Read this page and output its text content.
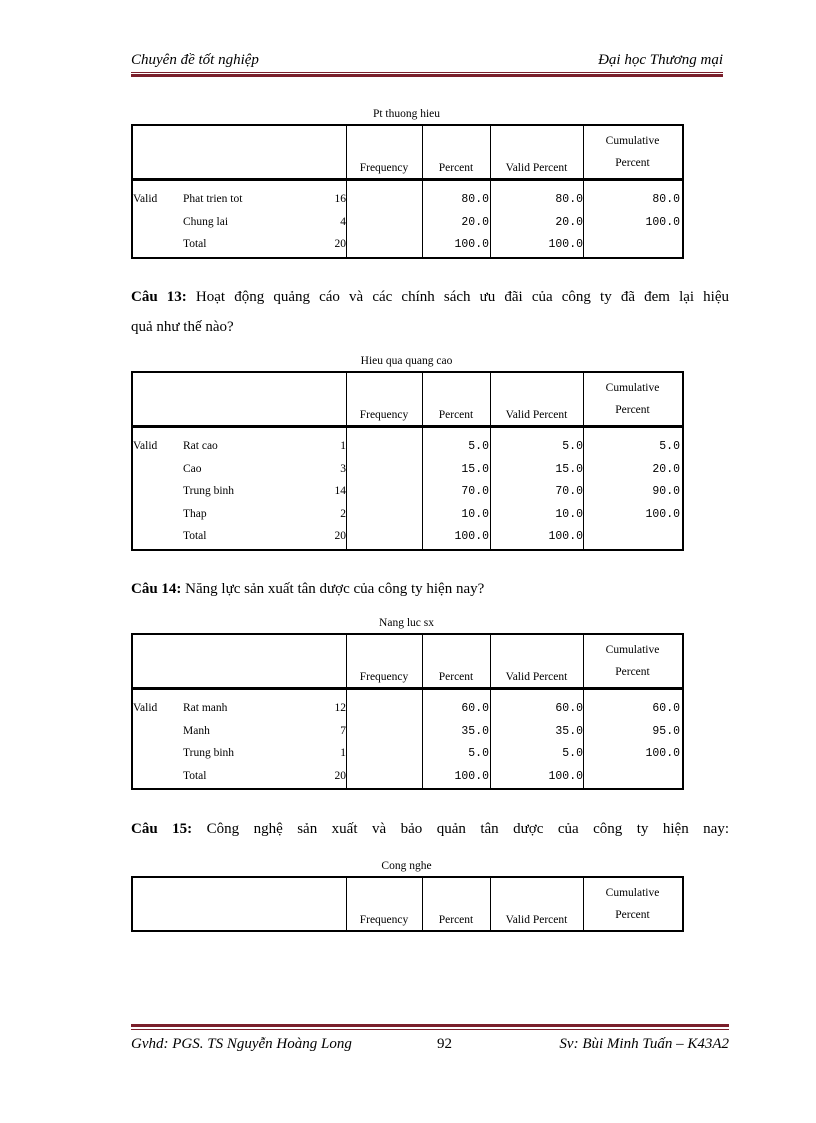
Chuyên đề tốt nghiệp	Đại học Thương mại
Pt thuong hieu
Frequency	Percent	Valid Percent
Cumulative
Percent
Valid Phat trien tot	16	80.0	80.0	80.0
Chung lai	4	20.0	20.0	100.0
Total	20	100.0	100.0
Câu 13: Hoạt động quảng cáo và các chính sách ưu đãi của công ty đã đem lại hiệu
quả như thế nào?
Hieu qua quang cao
Frequency	Percent	Valid Percent
Cumulative
Percent
Valid Rat cao	1	5.0	5.0	5.0
Cao	3	15.0	15.0	20.0
Trung binh	14	70.0	70.0	90.0
Thap	2	10.0	10.0	100.0
Total	20	100.0	100.0
Câu 14: Năng lực sản xuất tân dược của công ty hiện nay?
Nang luc sx
Frequency	Percent	Valid Percent
Cumulative
Percent
Valid Rat manh	12	60.0	60.0	60.0
Manh	7	35.0	35.0	95.0
Trung binh	1	5.0	5.0	100.0
Total	20	100.0	100.0
Câu 15: Công nghệ sản xuất và bảo quản tân dược của công ty hiện nay:
Cong nghe
Frequency	Percent	Valid Percent
Cumulative
Percent
Gvhd: PGS. TS Nguyễn Hoàng Long	92	Sv: Bùi Minh Tuấn – K43A2
